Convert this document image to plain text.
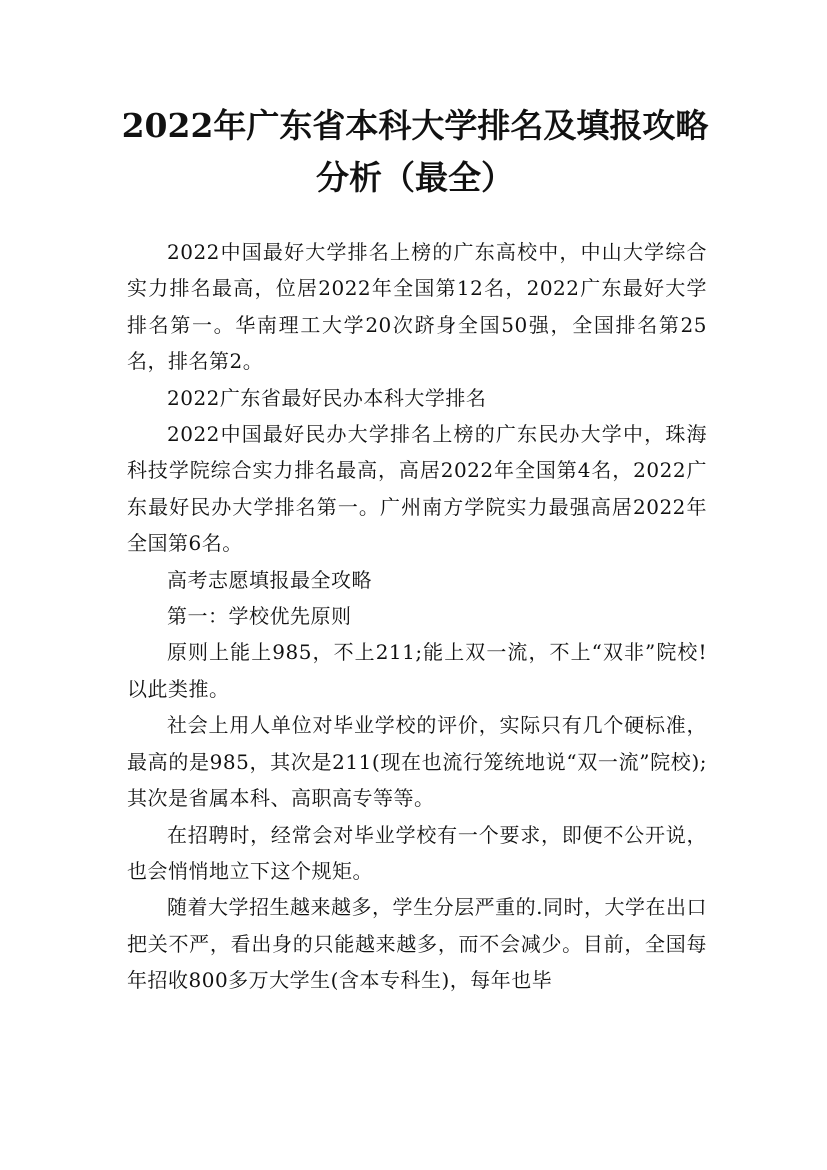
2022年广东省本科大学排名及填报攻略分析（最全）

2022中国最好大学排名上榜的广东高校中，中山大学综合实力排名最高，位居2022年全国第12名，2022广东最好大学排名第一。华南理工大学20次跻身全国50强，全国排名第25名，排名第2。

2022广东省最好民办本科大学排名

2022中国最好民办大学排名上榜的广东民办大学中，珠海科技学院综合实力排名最高，高居2022年全国第4名，2022广东最好民办大学排名第一。广州南方学院实力最强高居2022年全国第6名。

高考志愿填报最全攻略

第一：学校优先原则

原则上能上985，不上211;能上双一流，不上“双非”院校!以此类推。

社会上用人单位对毕业学校的评价，实际只有几个硬标准，最高的是985，其次是211(现在也流行笼统地说“双一流”院校);其次是省属本科、高职高专等等。

在招聘时，经常会对毕业学校有一个要求，即便不公开说，也会悄悄地立下这个规矩。

随着大学招生越来越多，学生分层严重的.同时，大学在出口把关不严，看出身的只能越来越多，而不会减少。目前，全国每年招收800多万大学生(含本专科生)，每年也毕
